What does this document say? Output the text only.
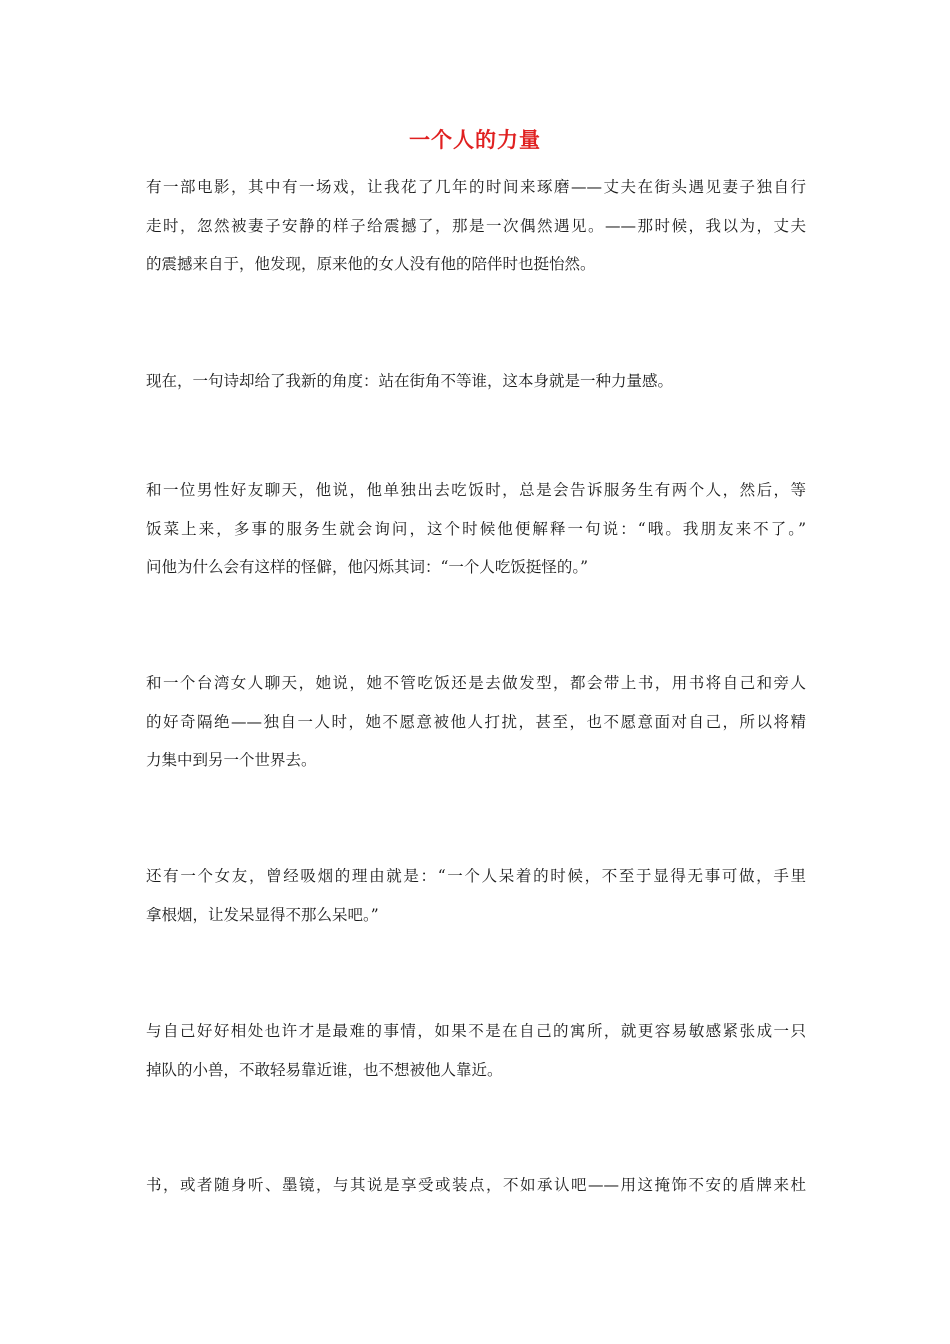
一个人的力量
有一部电影，其中有一场戏，让我花了几年的时间来琢磨——丈夫在街头遇见妻子独自行
走时，忽然被妻子安静的样子给震撼了，那是一次偶然遇见。——那时候，我以为，丈夫
的震撼来自于，他发现，原来他的女人没有他的陪伴时也挺怡然。
现在，一句诗却给了我新的角度：站在街角不等谁，这本身就是一种力量感。
和一位男性好友聊天，他说，他单独出去吃饭时，总是会告诉服务生有两个人，然后，等
饭菜上来，多事的服务生就会询问，这个时候他便解释一句说：“哦。我朋友来不了。”
问他为什么会有这样的怪僻，他闪烁其词：“一个人吃饭挺怪的。”
和一个台湾女人聊天，她说，她不管吃饭还是去做发型，都会带上书，用书将自己和旁人
的好奇隔绝——独自一人时，她不愿意被他人打扰，甚至，也不愿意面对自己，所以将精
力集中到另一个世界去。
还有一个女友，曾经吸烟的理由就是：“一个人呆着的时候，不至于显得无事可做，手里
拿根烟，让发呆显得不那么呆吧。”
与自己好好相处也许才是最难的事情，如果不是在自己的寓所，就更容易敏感紧张成一只
掉队的小兽，不敢轻易靠近谁，也不想被他人靠近。
书，或者随身听、墨镜，与其说是享受或装点，不如承认吧——用这掩饰不安的盾牌来杜
